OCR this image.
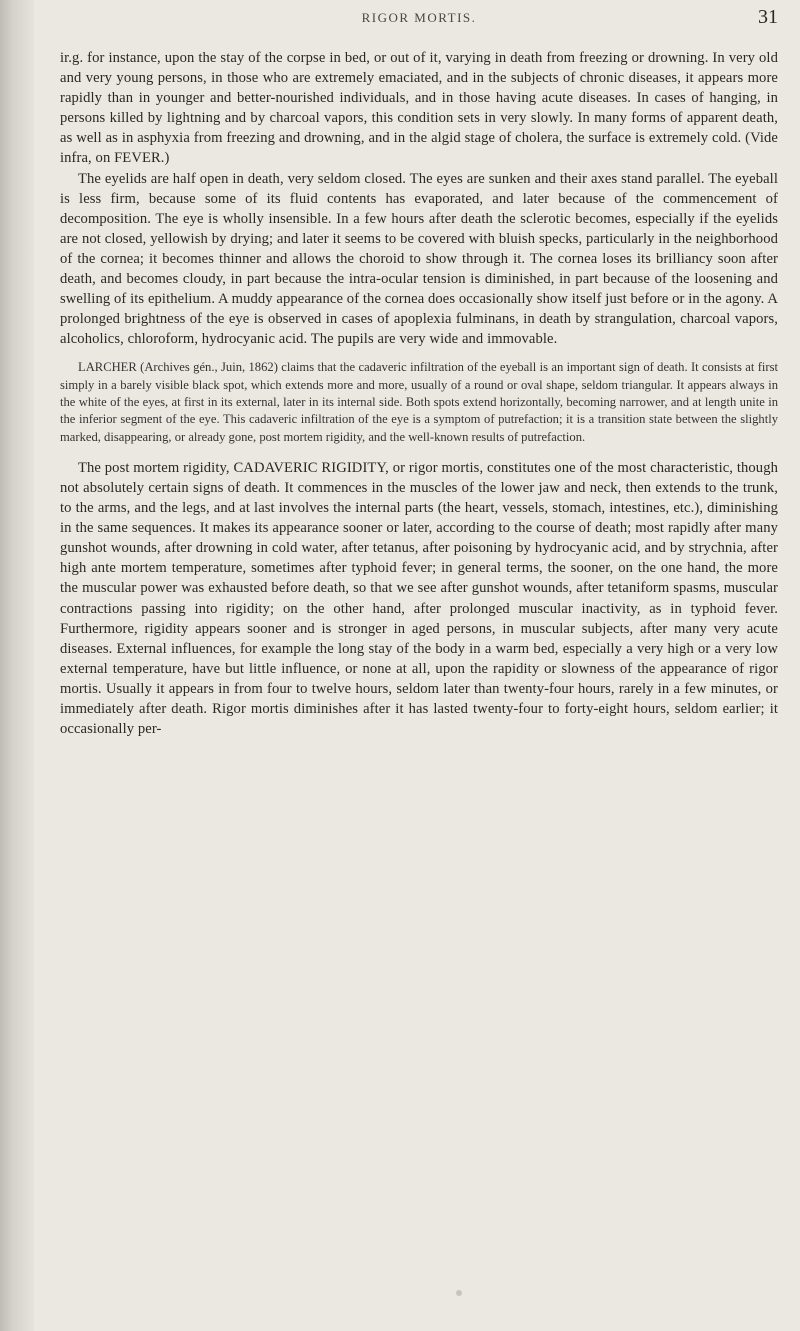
RIGOR MORTIS.	31

ir.g. for instance, upon the stay of the corpse in bed, or out of it, varying in death from freezing or drowning. In very old and very young persons, in those who are extremely emaciated, and in the subjects of chronic diseases, it appears more rapidly than in younger and better-nourished individuals, and in those having acute diseases. In cases of hanging, in persons killed by lightning and by charcoal vapors, this condition sets in very slowly. In many forms of apparent death, as well as in asphyxia from freezing and drowning, and in the algid stage of cholera, the surface is extremely cold. (Vide infra, on FEVER.)

The eyelids are half open in death, very seldom closed. The eyes are sunken and their axes stand parallel. The eyeball is less firm, because some of its fluid contents has evaporated, and later because of the commencement of decomposition. The eye is wholly insensible. In a few hours after death the sclerotic becomes, especially if the eyelids are not closed, yellowish by drying; and later it seems to be covered with bluish specks, particularly in the neighborhood of the cornea; it becomes thinner and allows the choroid to show through it. The cornea loses its brilliancy soon after death, and becomes cloudy, in part because the intra-ocular tension is diminished, in part because of the loosening and swelling of its epithelium. A muddy appearance of the cornea does occasionally show itself just before or in the agony. A prolonged brightness of the eye is observed in cases of apoplexia fulminans, in death by strangulation, charcoal vapors, alcoholics, chloroform, hydrocyanic acid. The pupils are very wide and immovable.

LARCHER (Archives gén., Juin, 1862) claims that the cadaveric infiltration of the eyeball is an important sign of death. It consists at first simply in a barely visible black spot, which extends more and more, usually of a round or oval shape, seldom triangular. It appears always in the white of the eyes, at first in its external, later in its internal side. Both spots extend horizontally, becoming narrower, and at length unite in the inferior segment of the eye. This cadaveric infiltration of the eye is a symptom of putrefaction; it is a transition state between the slightly marked, disappearing, or already gone, post mortem rigidity, and the well-known results of putrefaction.

The post mortem rigidity, CADAVERIC RIGIDITY, or rigor mortis, constitutes one of the most characteristic, though not absolutely certain signs of death. It commences in the muscles of the lower jaw and neck, then extends to the trunk, to the arms, and the legs, and at last involves the internal parts (the heart, vessels, stomach, intestines, etc.), diminishing in the same sequences. It makes its appearance sooner or later, according to the course of death; most rapidly after many gunshot wounds, after drowning in cold water, after tetanus, after poisoning by hydrocyanic acid, and by strychnia, after high ante mortem temperature, sometimes after typhoid fever; in general terms, the sooner, on the one hand, the more the muscular power was exhausted before death, so that we see after gunshot wounds, after tetaniform spasms, muscular contractions passing into rigidity; on the other hand, after prolonged muscular inactivity, as in typhoid fever. Furthermore, rigidity appears sooner and is stronger in aged persons, in muscular subjects, after many very acute diseases. External influences, for example the long stay of the body in a warm bed, especially a very high or a very low external temperature, have but little influence, or none at all, upon the rapidity or slowness of the appearance of rigor mortis. Usually it appears in from four to twelve hours, seldom later than twenty-four hours, rarely in a few minutes, or immediately after death. Rigor mortis diminishes after it has lasted twenty-four to forty-eight hours, seldom earlier; it occasionally per-
